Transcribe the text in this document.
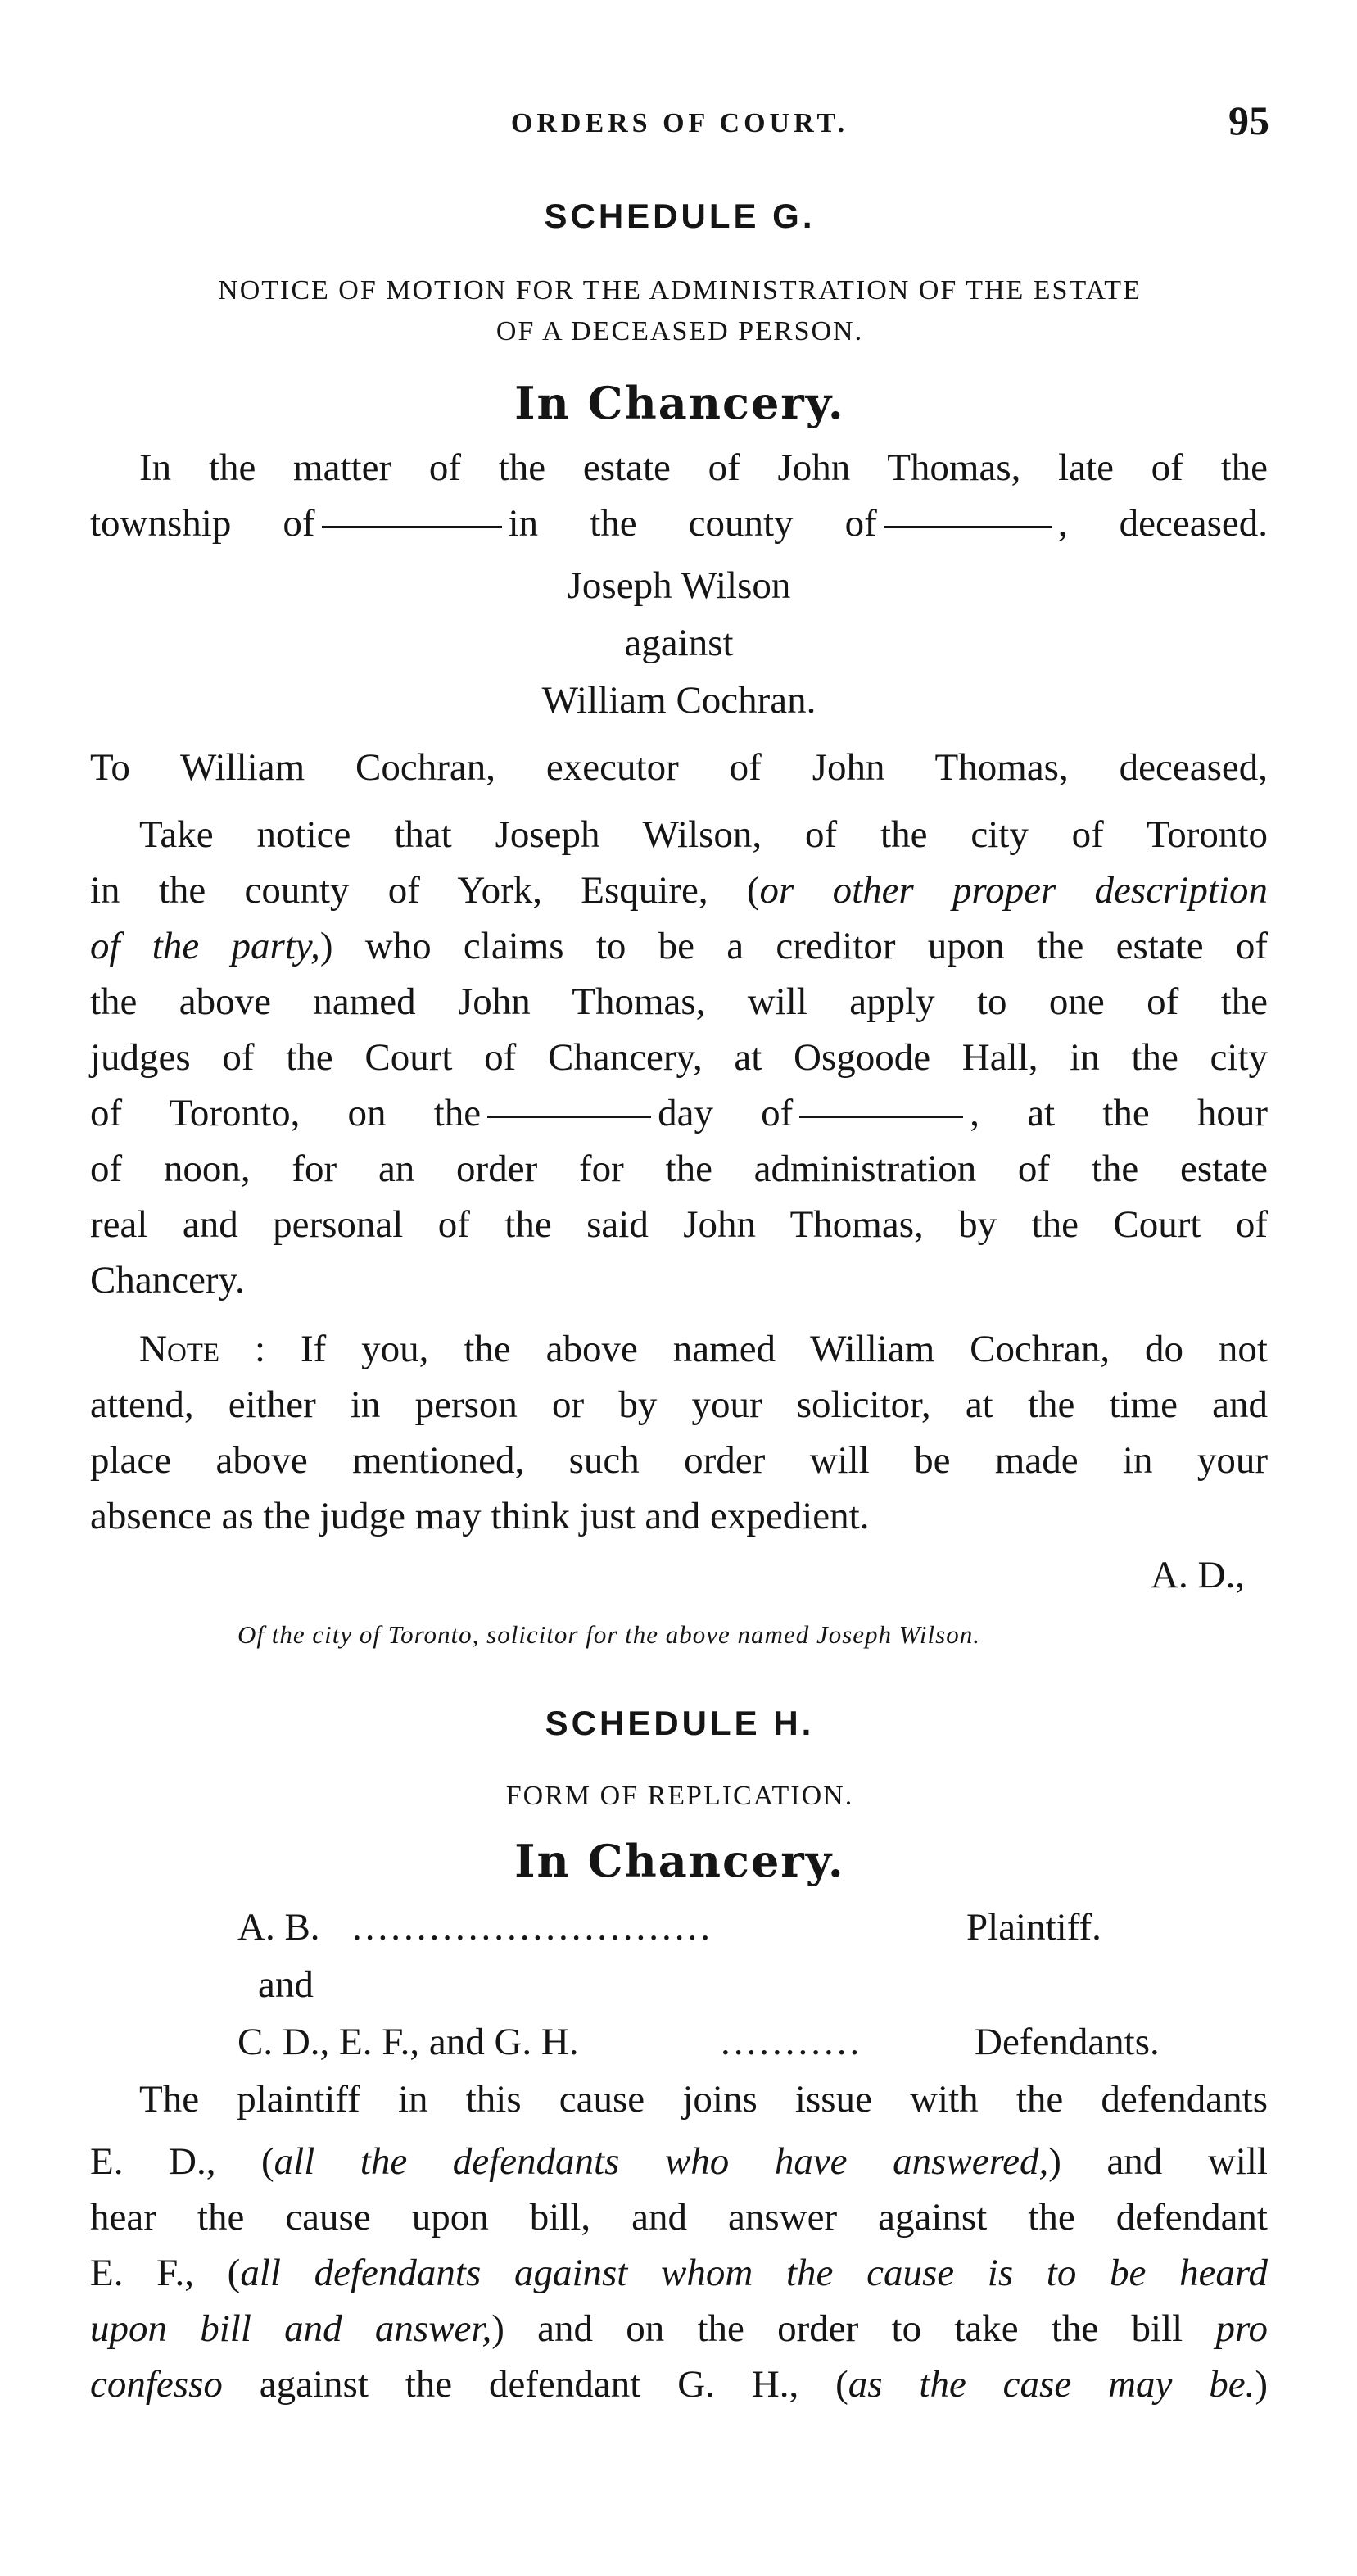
ORDERS OF COURT.	95
SCHEDULE G.
NOTICE OF MOTION FOR THE ADMINISTRATION OF THE ESTATE
OF A DECEASED PERSON.
In Chancery.
In the matter of the estate of John Thomas, late of the
township of	in the county of	, deceased.
Joseph Wilson
against
William Cochran.
To William Cochran, executor of John Thomas, deceased,
Take notice that Joseph Wilson, of the city of Toronto
in the county of York, Esquire, (or other proper description
of the party,) who claims to be a creditor upon the estate of
the above named John Thomas, will apply to one of the
judges of the Court of Chancery, at Osgoode Hall, in the city
of Toronto, on the	day of	, at the hour
of noon, for an order for the administration of the estate
real and personal of the said John Thomas, by the Court of
Chancery.
Note : If you, the above named William Cochran, do not
attend, either in person or by your solicitor, at the time and
place above mentioned, such order will be made in your
absence as the judge may think just and expedient.
A. D.,
Of the city of Toronto, solicitor for the above named Joseph Wilson.
SCHEDULE H.
FORM OF REPLICATION.
In Chancery.
A. B. ............................	Plaintiff.
and
C. D., E. F., and G. H.	...........	Defendants.
The plaintiff in this cause joins issue with the defendants
E. D., (all the defendants who have answered,) and will
hear the cause upon bill, and answer against the defendant
E. F., (all defendants against whom the cause is to be heard
upon bill and answer,) and on the order to take the bill pro
confesso against the defendant G. H., (as the case may be.)
